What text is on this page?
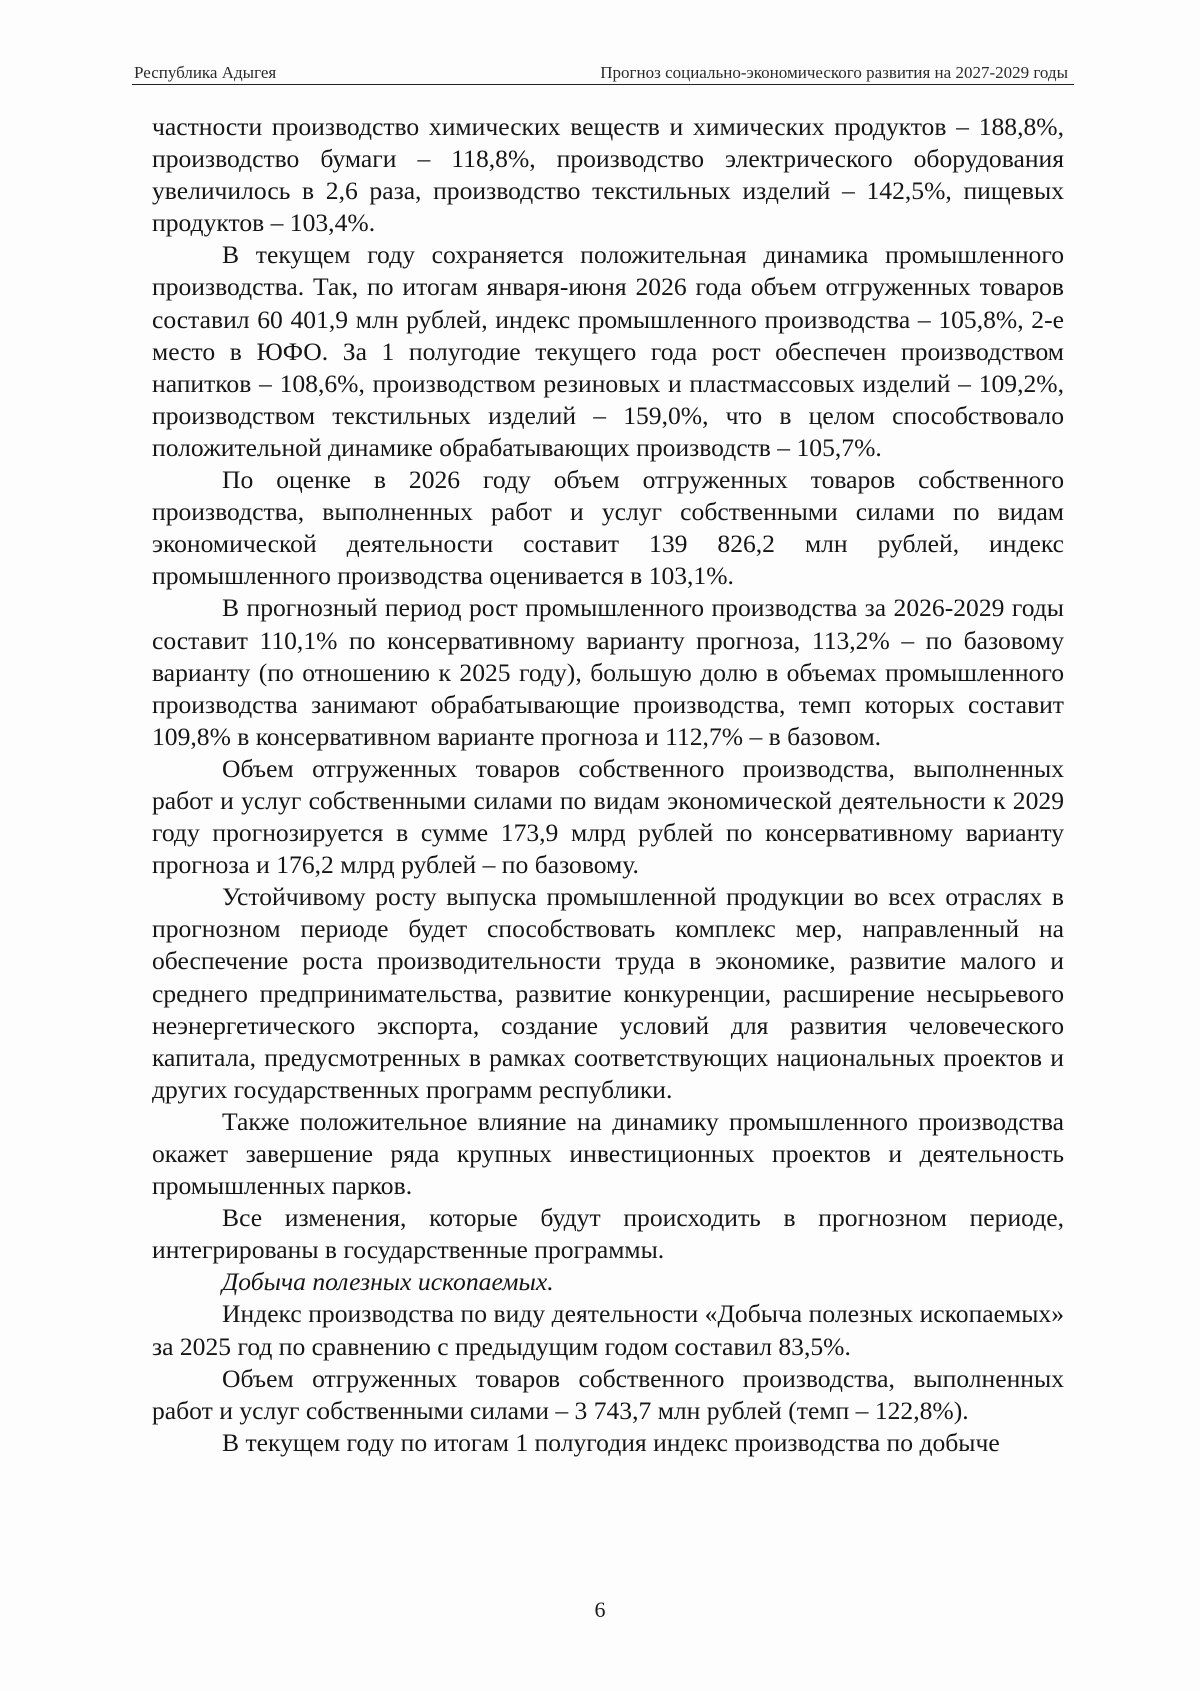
Республика Адыгея	Прогноз социально-экономического развития на 2027-2029 годы

частности производство химических веществ и химических продуктов – 188,8%, производство бумаги – 118,8%, производство электрического оборудования увеличилось в 2,6 раза, производство текстильных изделий – 142,5%, пищевых продуктов – 103,4%.

В текущем году сохраняется положительная динамика промышленного производства. Так, по итогам января-июня 2026 года объем отгруженных товаров составил 60 401,9 млн рублей, индекс промышленного производства – 105,8%, 2-е место в ЮФО. За 1 полугодие текущего года рост обеспечен производством напитков – 108,6%, производством резиновых и пластмассовых изделий – 109,2%, производством текстильных изделий – 159,0%, что в целом способствовало положительной динамике обрабатывающих производств – 105,7%.

По оценке в 2026 году объем отгруженных товаров собственного производства, выполненных работ и услуг собственными силами по видам экономической деятельности составит 139 826,2 млн рублей, индекс промышленного производства оценивается в 103,1%.

В прогнозный период рост промышленного производства за 2026-2029 годы составит 110,1% по консервативному варианту прогноза, 113,2% – по базовому варианту (по отношению к 2025 году), большую долю в объемах промышленного производства занимают обрабатывающие производства, темп которых составит 109,8% в консервативном варианте прогноза и 112,7% – в базовом.

Объем отгруженных товаров собственного производства, выполненных работ и услуг собственными силами по видам экономической деятельности к 2029 году прогнозируется в сумме 173,9 млрд рублей по консервативному варианту прогноза и 176,2 млрд рублей – по базовому.

Устойчивому росту выпуска промышленной продукции во всех отраслях в прогнозном периоде будет способствовать комплекс мер, направленный на обеспечение роста производительности труда в экономике, развитие малого и среднего предпринимательства, развитие конкуренции, расширение несырьевого неэнергетического экспорта, создание условий для развития человеческого капитала, предусмотренных в рамках соответствующих национальных проектов и других государственных программ республики.

Также положительное влияние на динамику промышленного производства окажет завершение ряда крупных инвестиционных проектов и деятельность промышленных парков.

Все изменения, которые будут происходить в прогнозном периоде, интегрированы в государственные программы.

Добыча полезных ископаемых.

Индекс производства по виду деятельности «Добыча полезных ископаемых» за 2025 год по сравнению с предыдущим годом составил 83,5%.

Объем отгруженных товаров собственного производства, выполненных работ и услуг собственными силами – 3 743,7 млн рублей (темп – 122,8%).

В текущем году по итогам 1 полугодия индекс производства по добыче

6
